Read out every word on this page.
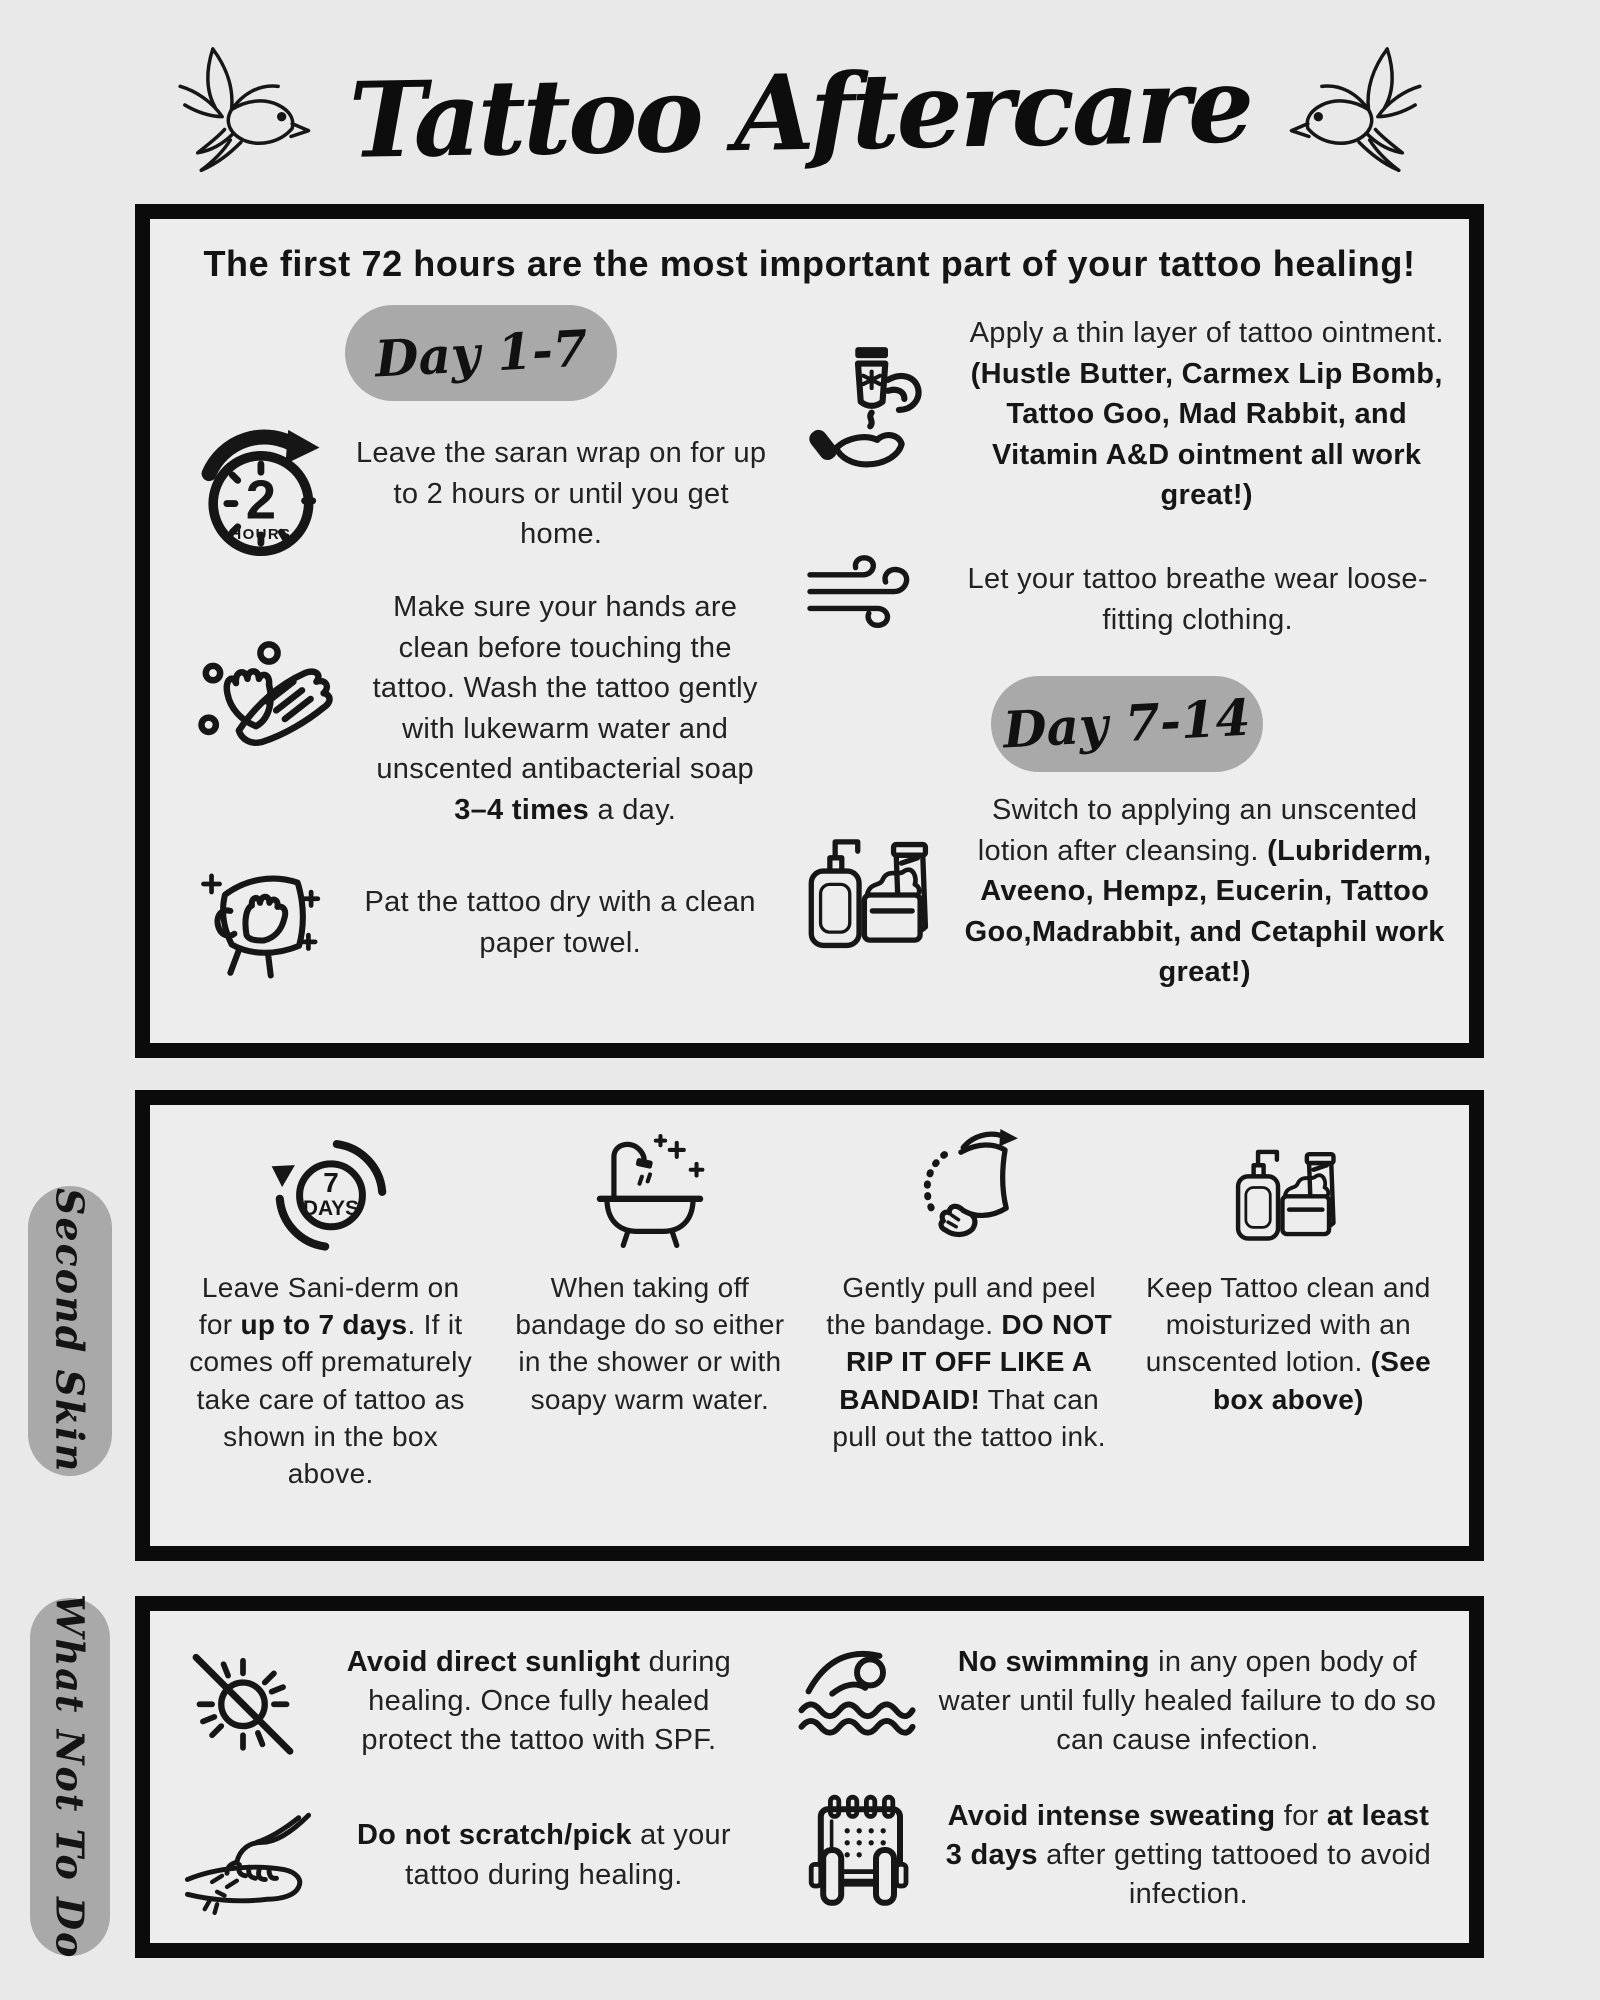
Tattoo Aftercare
The first 72 hours are the most important part of your tattoo healing!
Day 1-7
2
HOURS

Leave the saran wrap on for up to 2 hours or until you get home.

Make sure your hands are clean before touching the tattoo. Wash the tattoo gently with lukewarm water and unscented antibacterial soap 3–4 times a day.

Pat the tattoo dry with a clean paper towel.

Apply a thin layer of tattoo ointment. (Hustle Butter, Carmex Lip Bomb, Tattoo Goo, Mad Rabbit, and Vitamin A&D ointment all work great!)

Let your tattoo breathe wear loose-fitting clothing.

Day 7-14

Switch to applying an unscented lotion after cleansing. (Lubriderm, Aveeno, Hempz, Eucerin, Tattoo Goo,Madrabbit, and Cetaphil work great!)

Second Skin
7
DAYS

Leave Sani-derm on for up to 7 days. If it comes off prematurely take care of tattoo as shown in the box above.

When taking off bandage do so either in the shower or with soapy warm water.

Gently pull and peel the bandage. DO NOT RIP IT OFF LIKE A BANDAID! That can pull out the tattoo ink.

Keep Tattoo clean and moisturized with an unscented lotion. (See box above)

What Not To Do	Avoid direct sunlight during healing. Once fully healed protect the tattoo with SPF.

No swimming in any open body of water until fully healed failure to do so can cause infection.

Do not scratch/pick at your tattoo during healing.

Avoid intense sweating for at least 3 days after getting tattooed to avoid infection.
